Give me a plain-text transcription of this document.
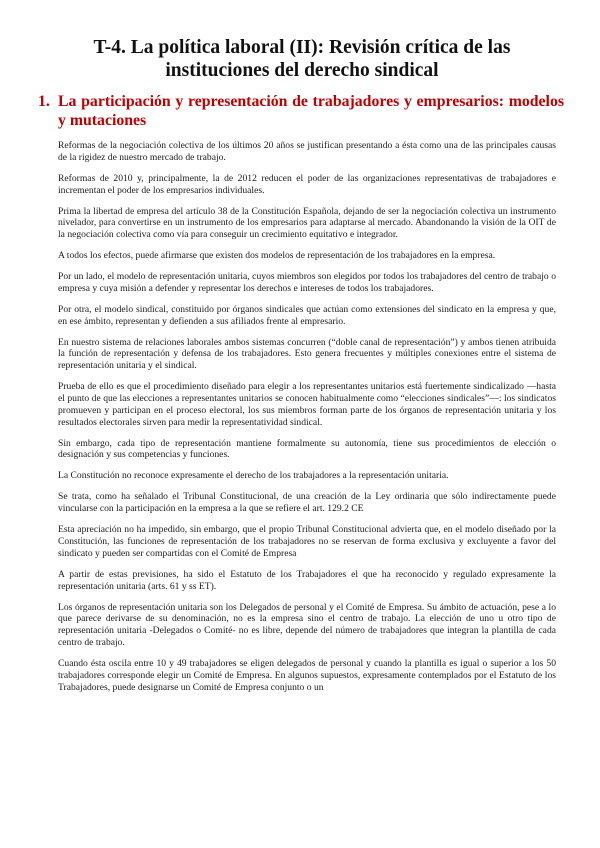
T-4. La política laboral (II): Revisión crítica de las instituciones del derecho sindical
1. La participación y representación de trabajadores y empresarios: modelos y mutaciones

Reformas de la negociación colectiva de los últimos 20 años se justifican presentando a ésta como una de las principales causas de la rigidez de nuestro mercado de trabajo.

Reformas de 2010 y, principalmente, la de 2012 reducen el poder de las organizaciones representativas de trabajadores e incrementan el poder de los empresarios individuales.

Prima la libertad de empresa del artículo 38 de la Constitución Española, dejando de ser la negociación colectiva un instrumento nivelador, para convertirse en un instrumento de los empresarios para adaptarse al mercado. Abandonando la visión de la OIT de la negociación colectiva como vía para conseguir un crecimiento equitativo e integrador.

A todos los efectos, puede afirmarse que existen dos modelos de representación de los trabajadores en la empresa.

Por un lado, el modelo de representación unitaria, cuyos miembros son elegidos por todos los trabajadores del centro de trabajo o empresa y cuya misión a defender y representar los derechos e intereses de todos los trabajadores.

Por otra, el modelo sindical, constituido por órganos sindicales que actúan como extensiones del sindicato en la empresa y que, en ese ámbito, representan y defienden a sus afiliados frente al empresario.

En nuestro sistema de relaciones laborales ambos sistemas concurren (“doble canal de representación”) y ambos tienen atribuida la función de representación y defensa de los trabajadores. Esto genera frecuentes y múltiples conexiones entre el sistema de representación unitaria y el sindical.

Prueba de ello es que el procedimiento diseñado para elegir a los representantes unitarios está fuertemente sindicalizado —hasta el punto de que las elecciones a representantes unitarios se conocen habitualmente como “elecciones sindicales”—: los sindicatos promueven y participan en el proceso electoral, los sus miembros forman parte de los órganos de representación unitaria y los resultados electorales sirven para medir la representatividad sindical.

Sin embargo, cada tipo de representación mantiene formalmente su autonomía, tiene sus procedimientos de elección o designación y sus competencias y funciones.

La Constitución no reconoce expresamente el derecho de los trabajadores a la representación unitaria.

Se trata, como ha señalado el Tribunal Constitucional, de una creación de la Ley ordinaria que sólo indirectamente puede vincularse con la participación en la empresa a la que se refiere el art. 129.2 CE

Esta apreciación no ha impedido, sin embargo, que el propio Tribunal Constitucional advierta que, en el modelo diseñado por la Constitución, las funciones de representación de los trabajadores no se reservan de forma exclusiva y excluyente a favor del sindicato y pueden ser compartidas con el Comité de Empresa

A partir de estas previsiones, ha sido el Estatuto de los Trabajadores el que ha reconocido y regulado expresamente la representación unitaria (arts. 61 y ss ET).

Los órganos de representación unitaria son los Delegados de personal y el Comité de Empresa. Su ámbito de actuación, pese a lo que parece derivarse de su denominación, no es la empresa sino el centro de trabajo. La elección de uno u otro tipo de representación unitaria -Delegados o Comité- no es libre, depende del número de trabajadores que integran la plantilla de cada centro de trabajo.

Cuando ésta oscila entre 10 y 49 trabajadores se eligen delegados de personal y cuando la plantilla es igual o superior a los 50 trabajadores corresponde elegir un Comité de Empresa. En algunos supuestos, expresamente contemplados por el Estatuto de los Trabajadores, puede designarse un Comité de Empresa conjunto o un
